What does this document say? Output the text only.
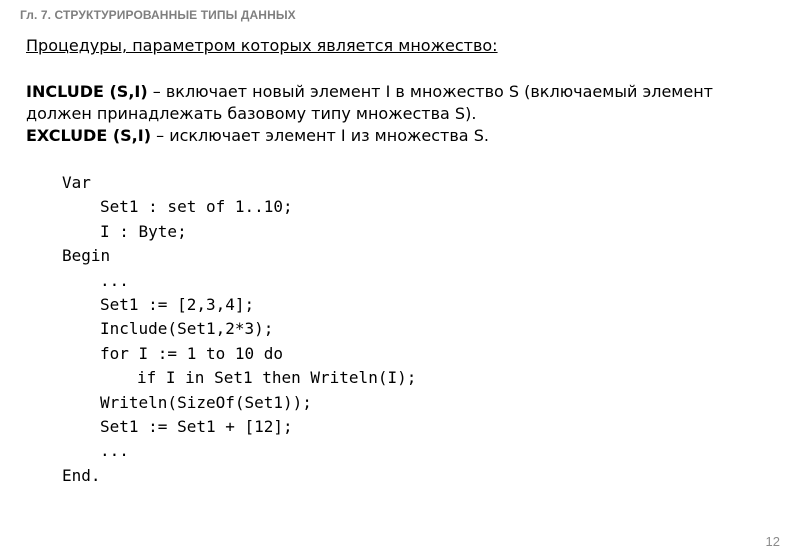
Гл. 7. СТРУКТУРИРОВАННЫЕ ТИПЫ ДАННЫХ
Процедуры, параметром которых является множество:

INCLUDE (S,I) – включает новый элемент I в множество S (включаемый элемент должен принадлежать базовому типу множества S).

EXCLUDE (S,I) – исключает элемент I из множества S.

Var
Set1 : set of 1..10;
I : Byte;
Begin
...
Set1 := [2,3,4];
Include(Set1,2*3);
for I := 1 to 10 do
if I in Set1 then Writeln(I);
Writeln(SizeOf(Set1));
Set1 := Set1 + [12];
...
End.
12
